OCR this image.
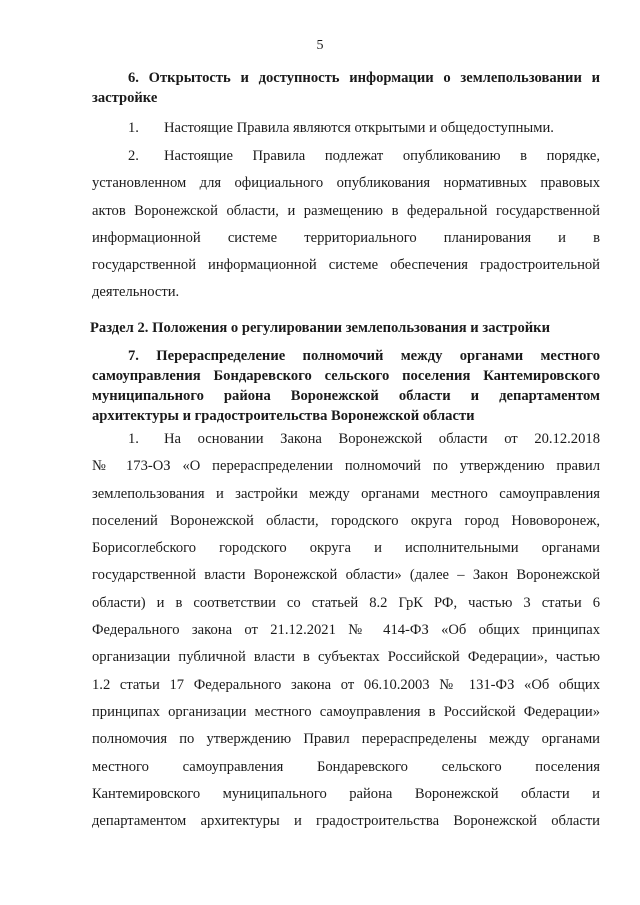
5
6. Открытость и доступность информации о землепользовании и
застройке
1. Настоящие Правила являются открытыми и общедоступными.
2. Настоящие Правила подлежат опубликованию в порядке,
установленном для официального опубликования нормативных правовых
актов Воронежской области, и размещению в федеральной государственной
информационной системе территориального планирования и в
государственной информационной системе обеспечения градостроительной
деятельности.
Раздел 2. Положения о регулировании землепользования и застройки
7. Перераспределение полномочий между органами местного
самоуправления Бондаревского сельского поселения Кантемировского
муниципального района Воронежской области и департаментом
архитектуры и градостроительства Воронежской области
1. На основании Закона Воронежской области от 20.12.2018
№ 173-ОЗ «О перераспределении полномочий по утверждению правил
землепользования и застройки между органами местного самоуправления
поселений Воронежской области, городского округа город Нововоронеж,
Борисоглебского городского округа и исполнительными органами
государственной власти Воронежской области» (далее – Закон Воронежской
области) и в соответствии со статьей 8.2 ГрК РФ, частью 3 статьи 6
Федерального закона от 21.12.2021 № 414-ФЗ «Об общих принципах
организации публичной власти в субъектах Российской Федерации», частью
1.2 статьи 17 Федерального закона от 06.10.2003 № 131-ФЗ «Об общих
принципах организации местного самоуправления в Российской Федерации»
полномочия по утверждению Правил перераспределены между органами
местного самоуправления Бондаревского сельского поселения
Кантемировского муниципального района Воронежской области и
департаментом архитектуры и градостроительства Воронежской области
